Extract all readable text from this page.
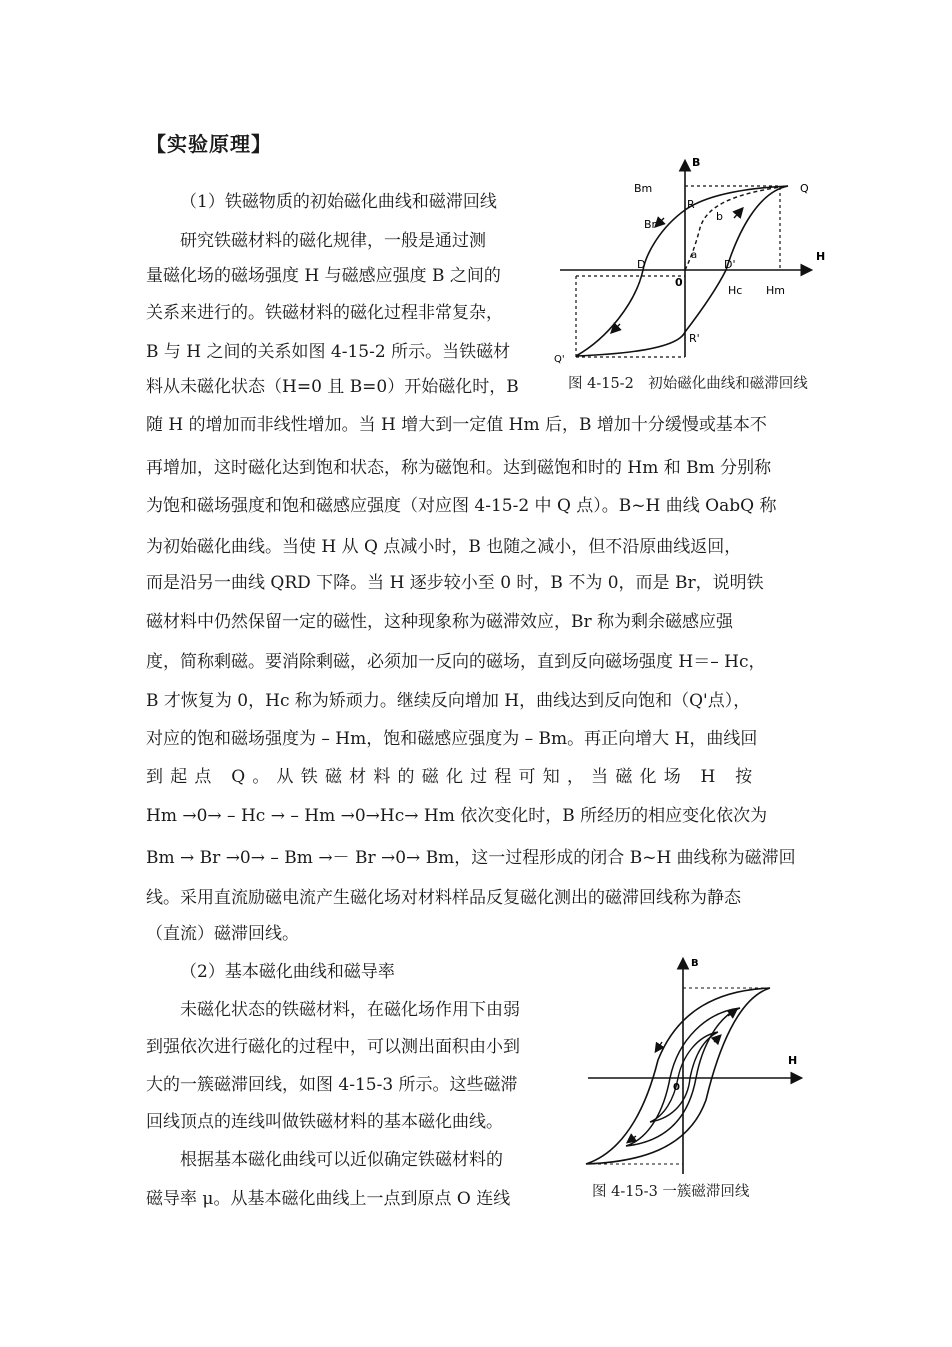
【实验原理】
（1）铁磁物质的初始磁化曲线和磁滞回线
研究铁磁材料的磁化规律，一般是通过测
量磁化场的磁场强度 H 与磁感应强度 B 之间的
关系来进行的。铁磁材料的磁化过程非常复杂，
B 与 H 之间的关系如图 4-15-2 所示。当铁磁材
料从未磁化状态（H=0 且 B=0）开始磁化时，B
随 H 的增加而非线性增加。当 H 增大到一定值 Hm 后，B 增加十分缓慢或基本不
再增加，这时磁化达到饱和状态，称为磁饱和。达到磁饱和时的 Hm 和 Bm 分别称
为饱和磁场强度和饱和磁感应强度（对应图 4-15-2 中 Q 点）。B~H 曲线 OabQ 称
为初始磁化曲线。当使 H 从 Q 点减小时，B 也随之减小，但不沿原曲线返回，
而是沿另一曲线 QRD 下降。当 H 逐步较小至 0 时，B 不为 0，而是 Br，说明铁
磁材料中仍然保留一定的磁性，这种现象称为磁滞效应，Br 称为剩余磁感应强
度，简称剩磁。要消除剩磁，必须加一反向的磁场，直到反向磁场强度 H＝– Hc，
B 才恢复为 0，Hc 称为矫顽力。继续反向增加 H，曲线达到反向饱和（Q'点），
对应的饱和磁场强度为 – Hm，饱和磁感应强度为 – Bm。再正向增大 H，曲线回
到起点 Q。从铁磁材料的磁化过程可知，当磁化场 H 按
Hm →0→ – Hc → – Hm →0→Hc→ Hm 依次变化时，B 所经历的相应变化依次为
Bm → Br →0→ – Bm →－ Br →0→ Bm，这一过程形成的闭合 B~H 曲线称为磁滞回
线。采用直流励磁电流产生磁化场对材料样品反复磁化测出的磁滞回线称为静态
（直流）磁滞回线。
（2）基本磁化曲线和磁导率
未磁化状态的铁磁材料，在磁化场作用下由弱
到强依次进行磁化的过程中，可以测出面积由小到
大的一簇磁滞回线，如图 4-15-3 所示。这些磁滞
回线顶点的连线叫做铁磁材料的基本磁化曲线。
根据基本磁化曲线可以近似确定铁磁材料的
磁导率 μ。从基本磁化曲线上一点到原点 O 连线
B
H
Bm
Br
Q
Q'
R
R'
D	D'
a
b
0
Hc Hm
图 4-15-2　初始磁化曲线和磁滞回线
B
H
0
图 4-15-3 一簇磁滞回线
